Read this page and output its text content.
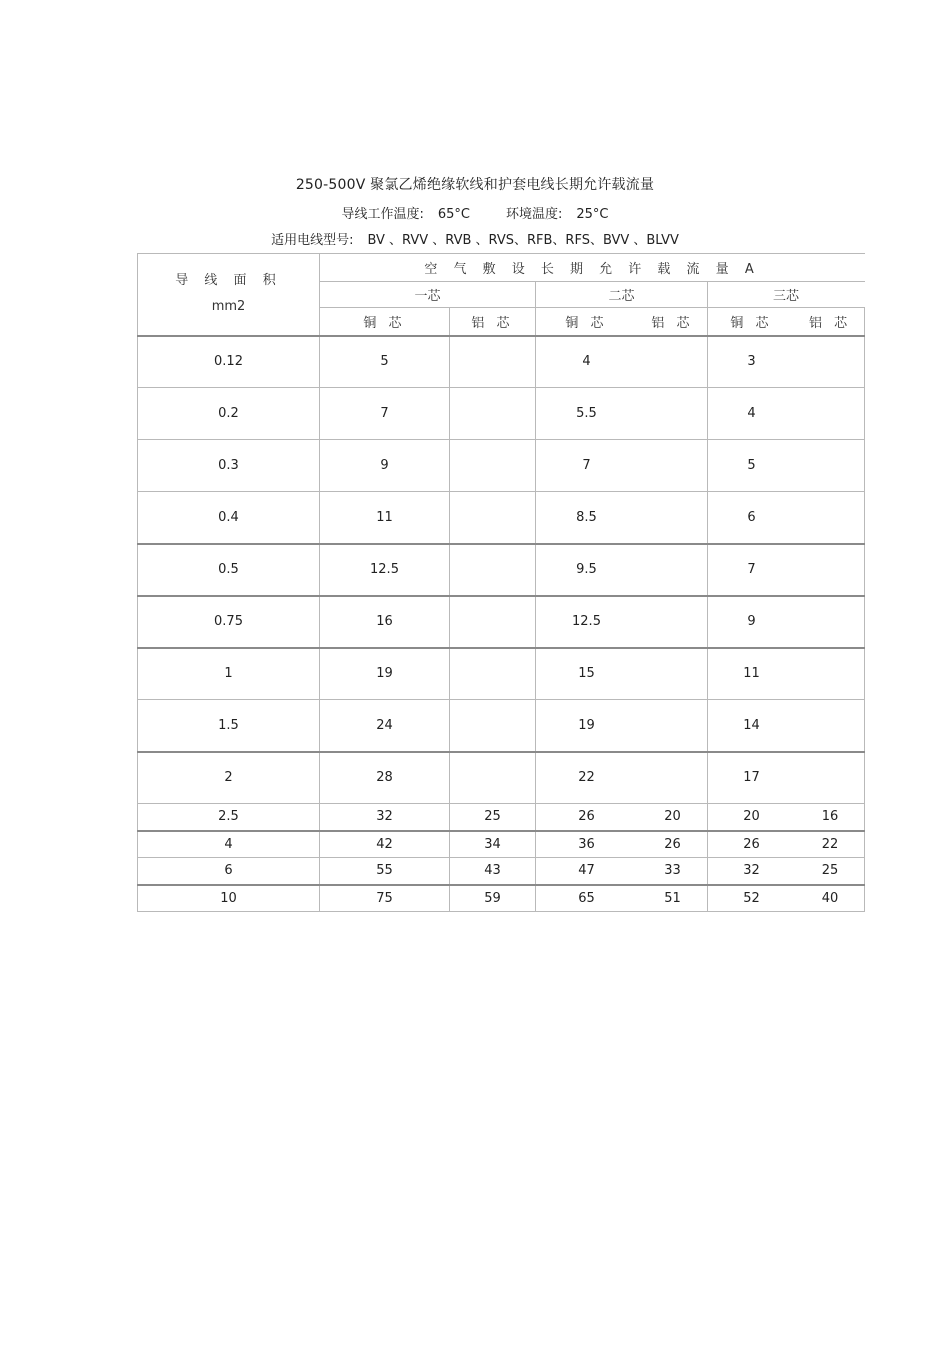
250-500V 聚氯乙烯绝缘软线和护套电线长期允许载流量
导线工作温度: 65°C	环境温度: 25°C
适用电线型号: BV 、RVV 、RVB 、RVS、RFB、RFS、BVV 、BLVV
导 线 面 积
mm2	空 气 敷 设 长 期 允 许 载 流 量 A					
	一芯		二芯		三芯	
	铜 芯	铝 芯	铜 芯	铝 芯	铜 芯	铝 芯
0.12	5		4		3	
0.2	7		5.5		4	
0.3	9		7		5	
0.4	11		8.5		6	
0.5	12.5		9.5		7	
0.75	16		12.5		9	
1	19		15		11	
1.5	24		19		14	
2	28		22		17	
2.5	32	25	26	20	20	16
4	42	34	36	26	26	22
6	55	43	47	33	32	25
10	75	59	65	51	52	40
